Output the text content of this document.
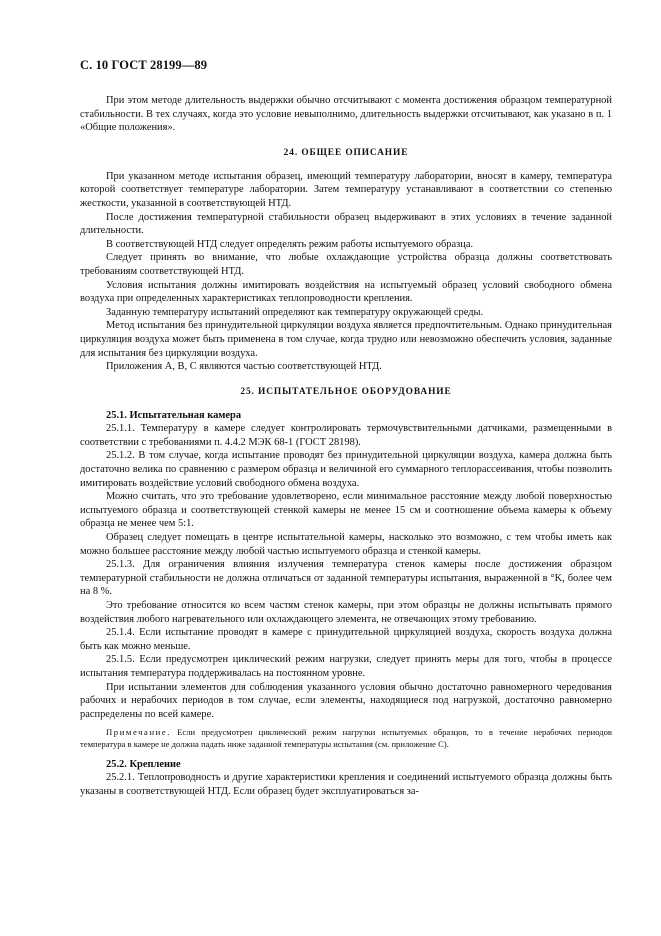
С. 10 ГОСТ 28199—89

При этом методе длительность выдержки обычно отсчитывают с момента достижения образцом температурной стабильности. В тех случаях, когда это условие невыполнимо, длительность выдержки отсчитывают, как указано в п. 1 «Общие положения».

24. ОБЩЕЕ ОПИСАНИЕ

При указанном методе испытания образец, имеющий температуру лаборатории, вносят в камеру, температура которой соответствует температуре лаборатории. Затем температуру устанавливают в соответствии со степенью жесткости, указанной в соответствующей НТД.

После достижения температурной стабильности образец выдерживают в этих условиях в течение заданной длительности.

В соответствующей НТД следует определять режим работы испытуемого образца.

Следует принять во внимание, что любые охлаждающие устройства образца должны соответствовать требованиям соответствующей НТД.

Условия испытания должны имитировать воздействия на испытуемый образец условий свободного обмена воздуха при определенных характеристиках теплопроводности крепления.

Заданную температуру испытаний определяют как температуру окружающей среды.

Метод испытания без принудительной циркуляции воздуха является предпочтительным. Однако принудительная циркуляция воздуха может быть применена в том случае, когда трудно или невозможно обеспечить условия, заданные для испытания без циркуляции воздуха.

Приложения A, B, C являются частью соответствующей НТД.

25. ИСПЫТАТЕЛЬНОЕ ОБОРУДОВАНИЕ
25.1. Испытательная камера

25.1.1. Температуру в камере следует контролировать термочувствительными датчиками, размещенными в соответствии с требованиями п. 4.4.2 МЭК 68-1 (ГОСТ 28198).

25.1.2. В том случае, когда испытание проводят без принудительной циркуляции воздуха, камера должна быть достаточно велика по сравнению с размером образца и величиной его суммарного теплорассеивания, чтобы позволить имитировать воздействие условий свободного обмена воздуха.

Можно считать, что это требование удовлетворено, если минимальное расстояние между любой поверхностью испытуемого образца и соответствующей стенкой камеры не менее 15 см и соотношение объема камеры к объему образца не менее чем 5:1.

Образец следует помещать в центре испытательной камеры, насколько это возможно, с тем чтобы иметь как можно большее расстояние между любой частью испытуемого образца и стенкой камеры.

25.1.3. Для ограничения влияния излучения температура стенок камеры после достижения образцом температурной стабильности не должна отличаться от заданной температуры испытания, выраженной в °K, более чем на 8 %.

Это требование относится ко всем частям стенок камеры, при этом образцы не должны испытывать прямого воздействия любого нагревательного или охлаждающего элемента, не отвечающих этому требованию.

25.1.4. Если испытание проводят в камере с принудительной циркуляцией воздуха, скорость воздуха должна быть как можно меньше.

25.1.5. Если предусмотрен циклический режим нагрузки, следует принять меры для того, чтобы в процессе испытания температура поддерживалась на постоянном уровне.

При испытании элементов для соблюдения указанного условия обычно достаточно равномерного чередования рабочих и нерабочих периодов в том случае, если элементы, находящиеся под нагрузкой, достаточно равномерно распределены по всей камере.

Примечание. Если предусмотрен циклический режим нагрузки испытуемых образцов, то в течение нерабочих периодов температура в камере не должна падать ниже заданной температуры испытания (см. приложение С).

25.2. Крепление

25.2.1. Теплопроводность и другие характеристики крепления и соединений испытуемого образца должны быть указаны в соответствующей НТД. Если образец будет эксплуатироваться за-
